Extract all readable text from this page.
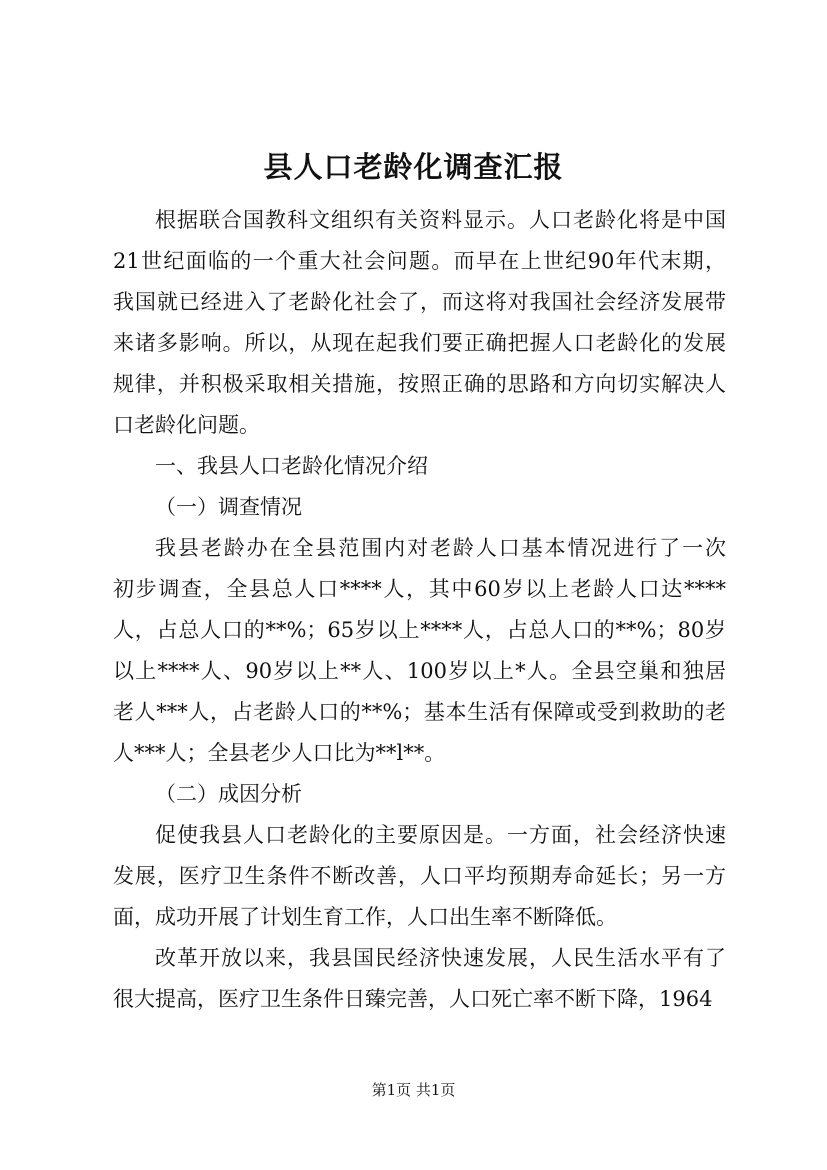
县人口老龄化调查汇报
根据联合国教科文组织有关资料显示。人口老龄化将是中国
21世纪面临的一个重大社会问题。而早在上世纪90年代末期，
我国就已经进入了老龄化社会了，而这将对我国社会经济发展带
来诸多影响。所以，从现在起我们要正确把握人口老龄化的发展
规律，并积极采取相关措施，按照正确的思路和方向切实解决人
口老龄化问题。
一、我县人口老龄化情况介绍
（一）调查情况
我县老龄办在全县范围内对老龄人口基本情况进行了一次
初步调查，全县总人口****人，其中60岁以上老龄人口达****
人，占总人口的**%；65岁以上****人，占总人口的**%；80岁
以上****人、90岁以上**人、100岁以上*人。全县空巢和独居
老人***人，占老龄人口的**%；基本生活有保障或受到救助的老
人***人；全县老少人口比为**l**。
（二）成因分析
促使我县人口老龄化的主要原因是。一方面，社会经济快速
发展，医疗卫生条件不断改善，人口平均预期寿命延长；另一方
面，成功开展了计划生育工作，人口出生率不断降低。
改革开放以来，我县国民经济快速发展，人民生活水平有了
很大提高，医疗卫生条件日臻完善，人口死亡率不断下降，1964
第1页 共1页
